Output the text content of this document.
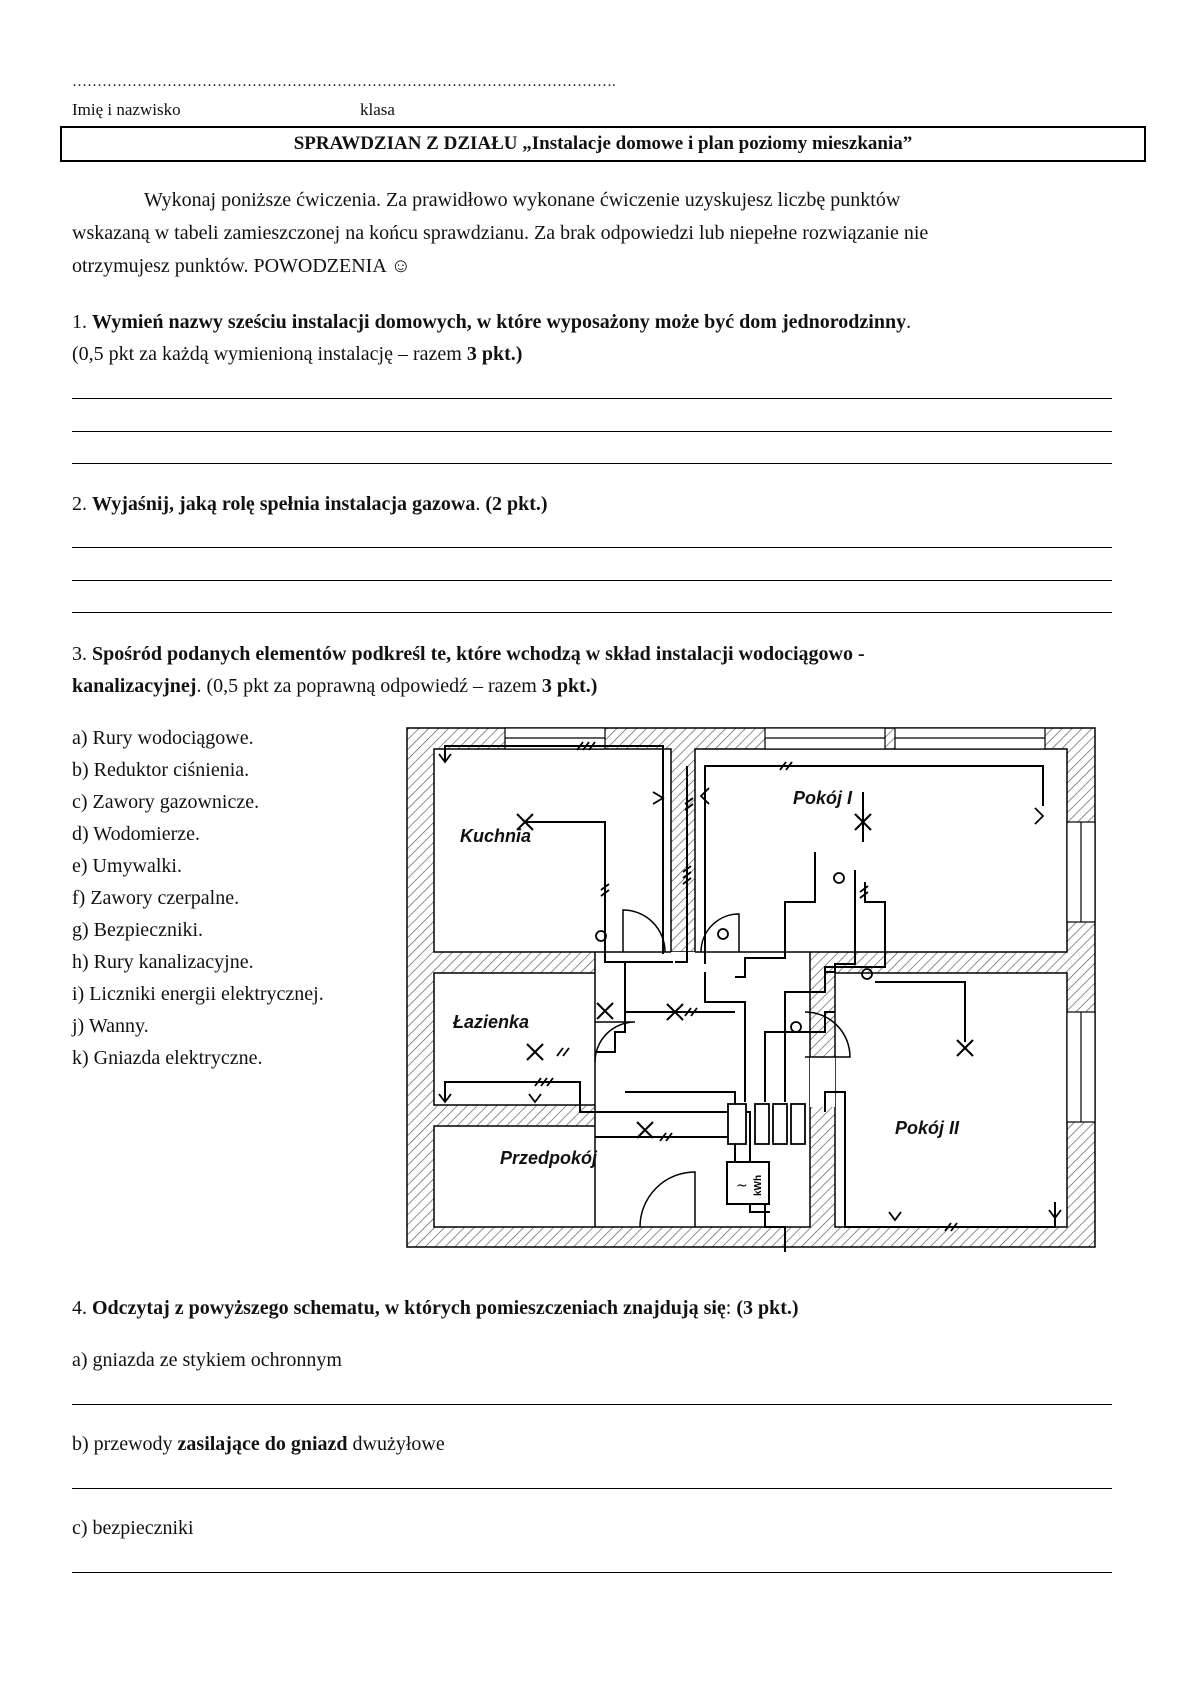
……………………………………………………………………………………………….
Imię i nazwisko	klasa
SPRAWDZIAN Z DZIAŁU „Instalacje domowe i plan poziomy mieszkania”

Wykonaj poniższe ćwiczenia. Za prawidłowo wykonane ćwiczenie uzyskujesz liczbę punktów

wskazaną w tabeli zamieszczonej na końcu sprawdzianu. Za brak odpowiedzi lub niepełne rozwiązanie nie

otrzymujesz punktów. POWODZENIA ☺

1. Wymień nazwy sześciu instalacji domowych, w które wyposażony może być dom jednorodzinny.

(0,5 pkt za każdą wymienioną instalację – razem 3 pkt.)

2. Wyjaśnij, jaką rolę spełnia instalacja gazowa. (2 pkt.)

3. Spośród podanych elementów podkreśl te, które wchodzą w skład instalacji wodociągowo -

kanalizacyjnej. (0,5 pkt za poprawną odpowiedź – razem 3 pkt.)

a) Rury wodociągowe.
b) Reduktor ciśnienia.
c) Zawory gazownicze.
d) Wodomierze.
e) Umywalki.
f) Zawory czerpalne.
g) Bezpieczniki.
h) Rury kanalizacyjne.
i) Liczniki energii elektrycznej.
j) Wanny.
k) Gniazda elektryczne.
~ kWh
Kuchnia
Pokój I
Łazienka
Pokój II
Przedpokój

4. Odczytaj z powyższego schematu, w których pomieszczeniach znajdują się: (3 pkt.)

a) gniazda ze stykiem ochronnym

b) przewody zasilające do gniazd dwużyłowe

c) bezpieczniki
